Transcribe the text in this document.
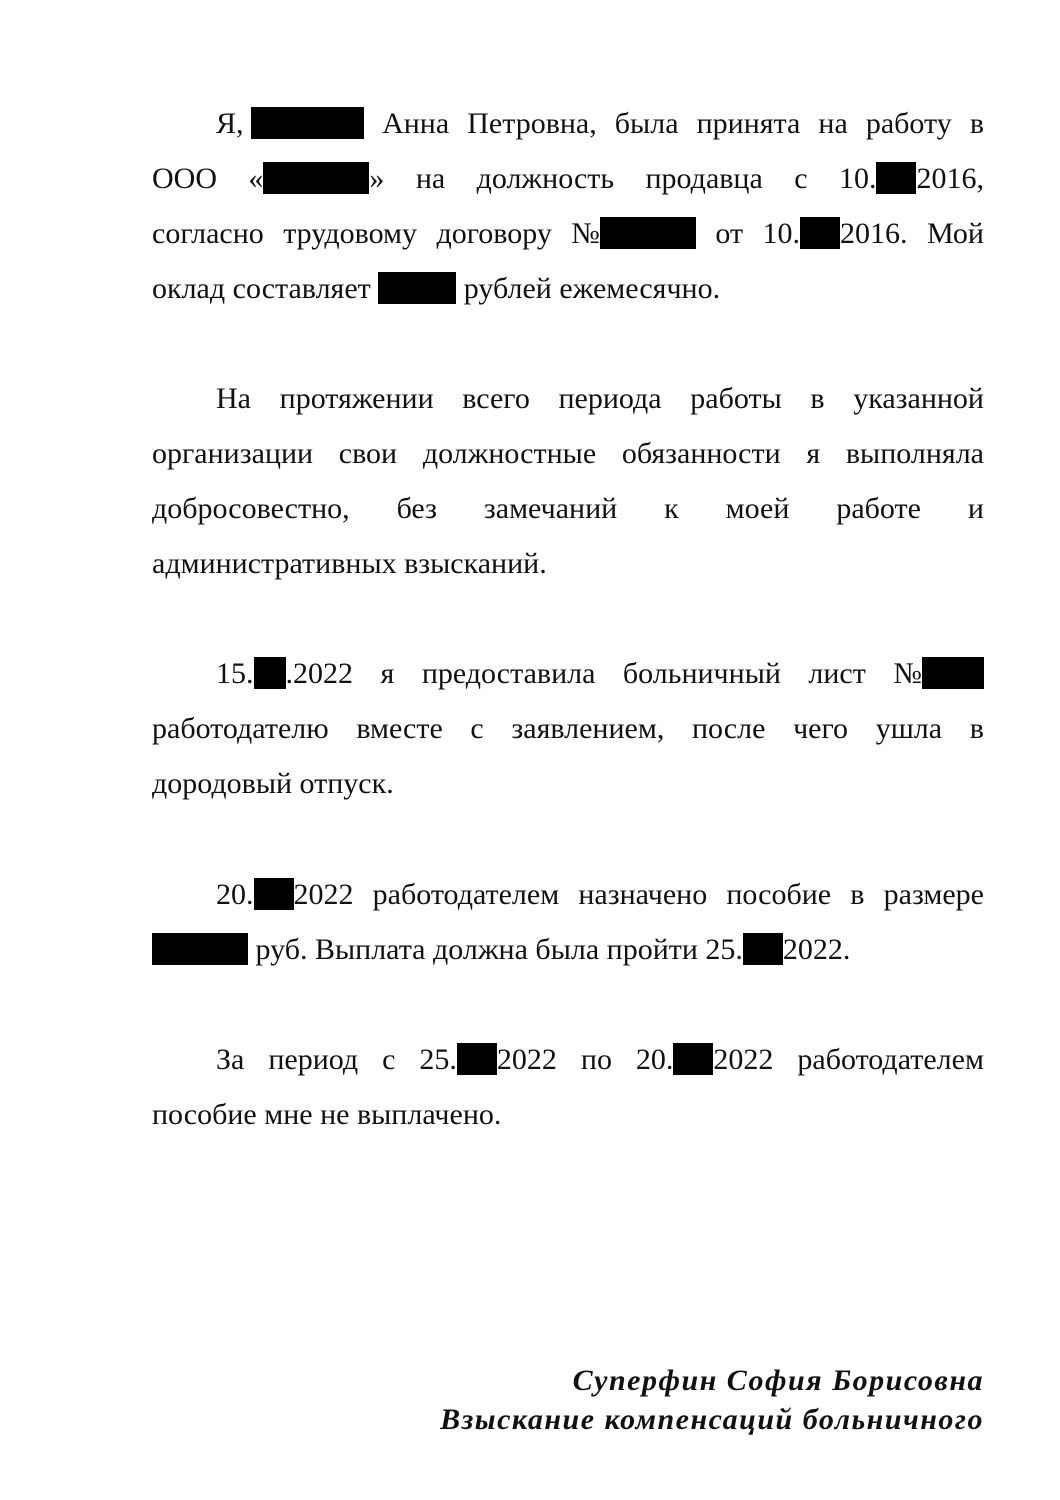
Я,	Анна Петровна, была принята на работу в
ООО «	» на должность продавца с 10. 2016,
согласно трудовому договору №	от 10. 2016. Мой
оклад составляет	рублей ежемесячно.
На протяжении всего периода работы в указанной
организации свои должностные обязанности я выполняла
добросовестно, без замечаний к моей работе и
административных взысканий.
15. .2022 я предоставила больничный лист №
работодателю вместе с заявлением, после чего ушла в
дородовый отпуск.
20. 2022 работодателем назначено пособие в размере
руб. Выплата должна была пройти 25. 2022.
За период с 25. 2022 по 20. 2022 работодателем
пособие мне не выплачено.
Суперфин София Борисовна
Взыскание компенсаций больничного
